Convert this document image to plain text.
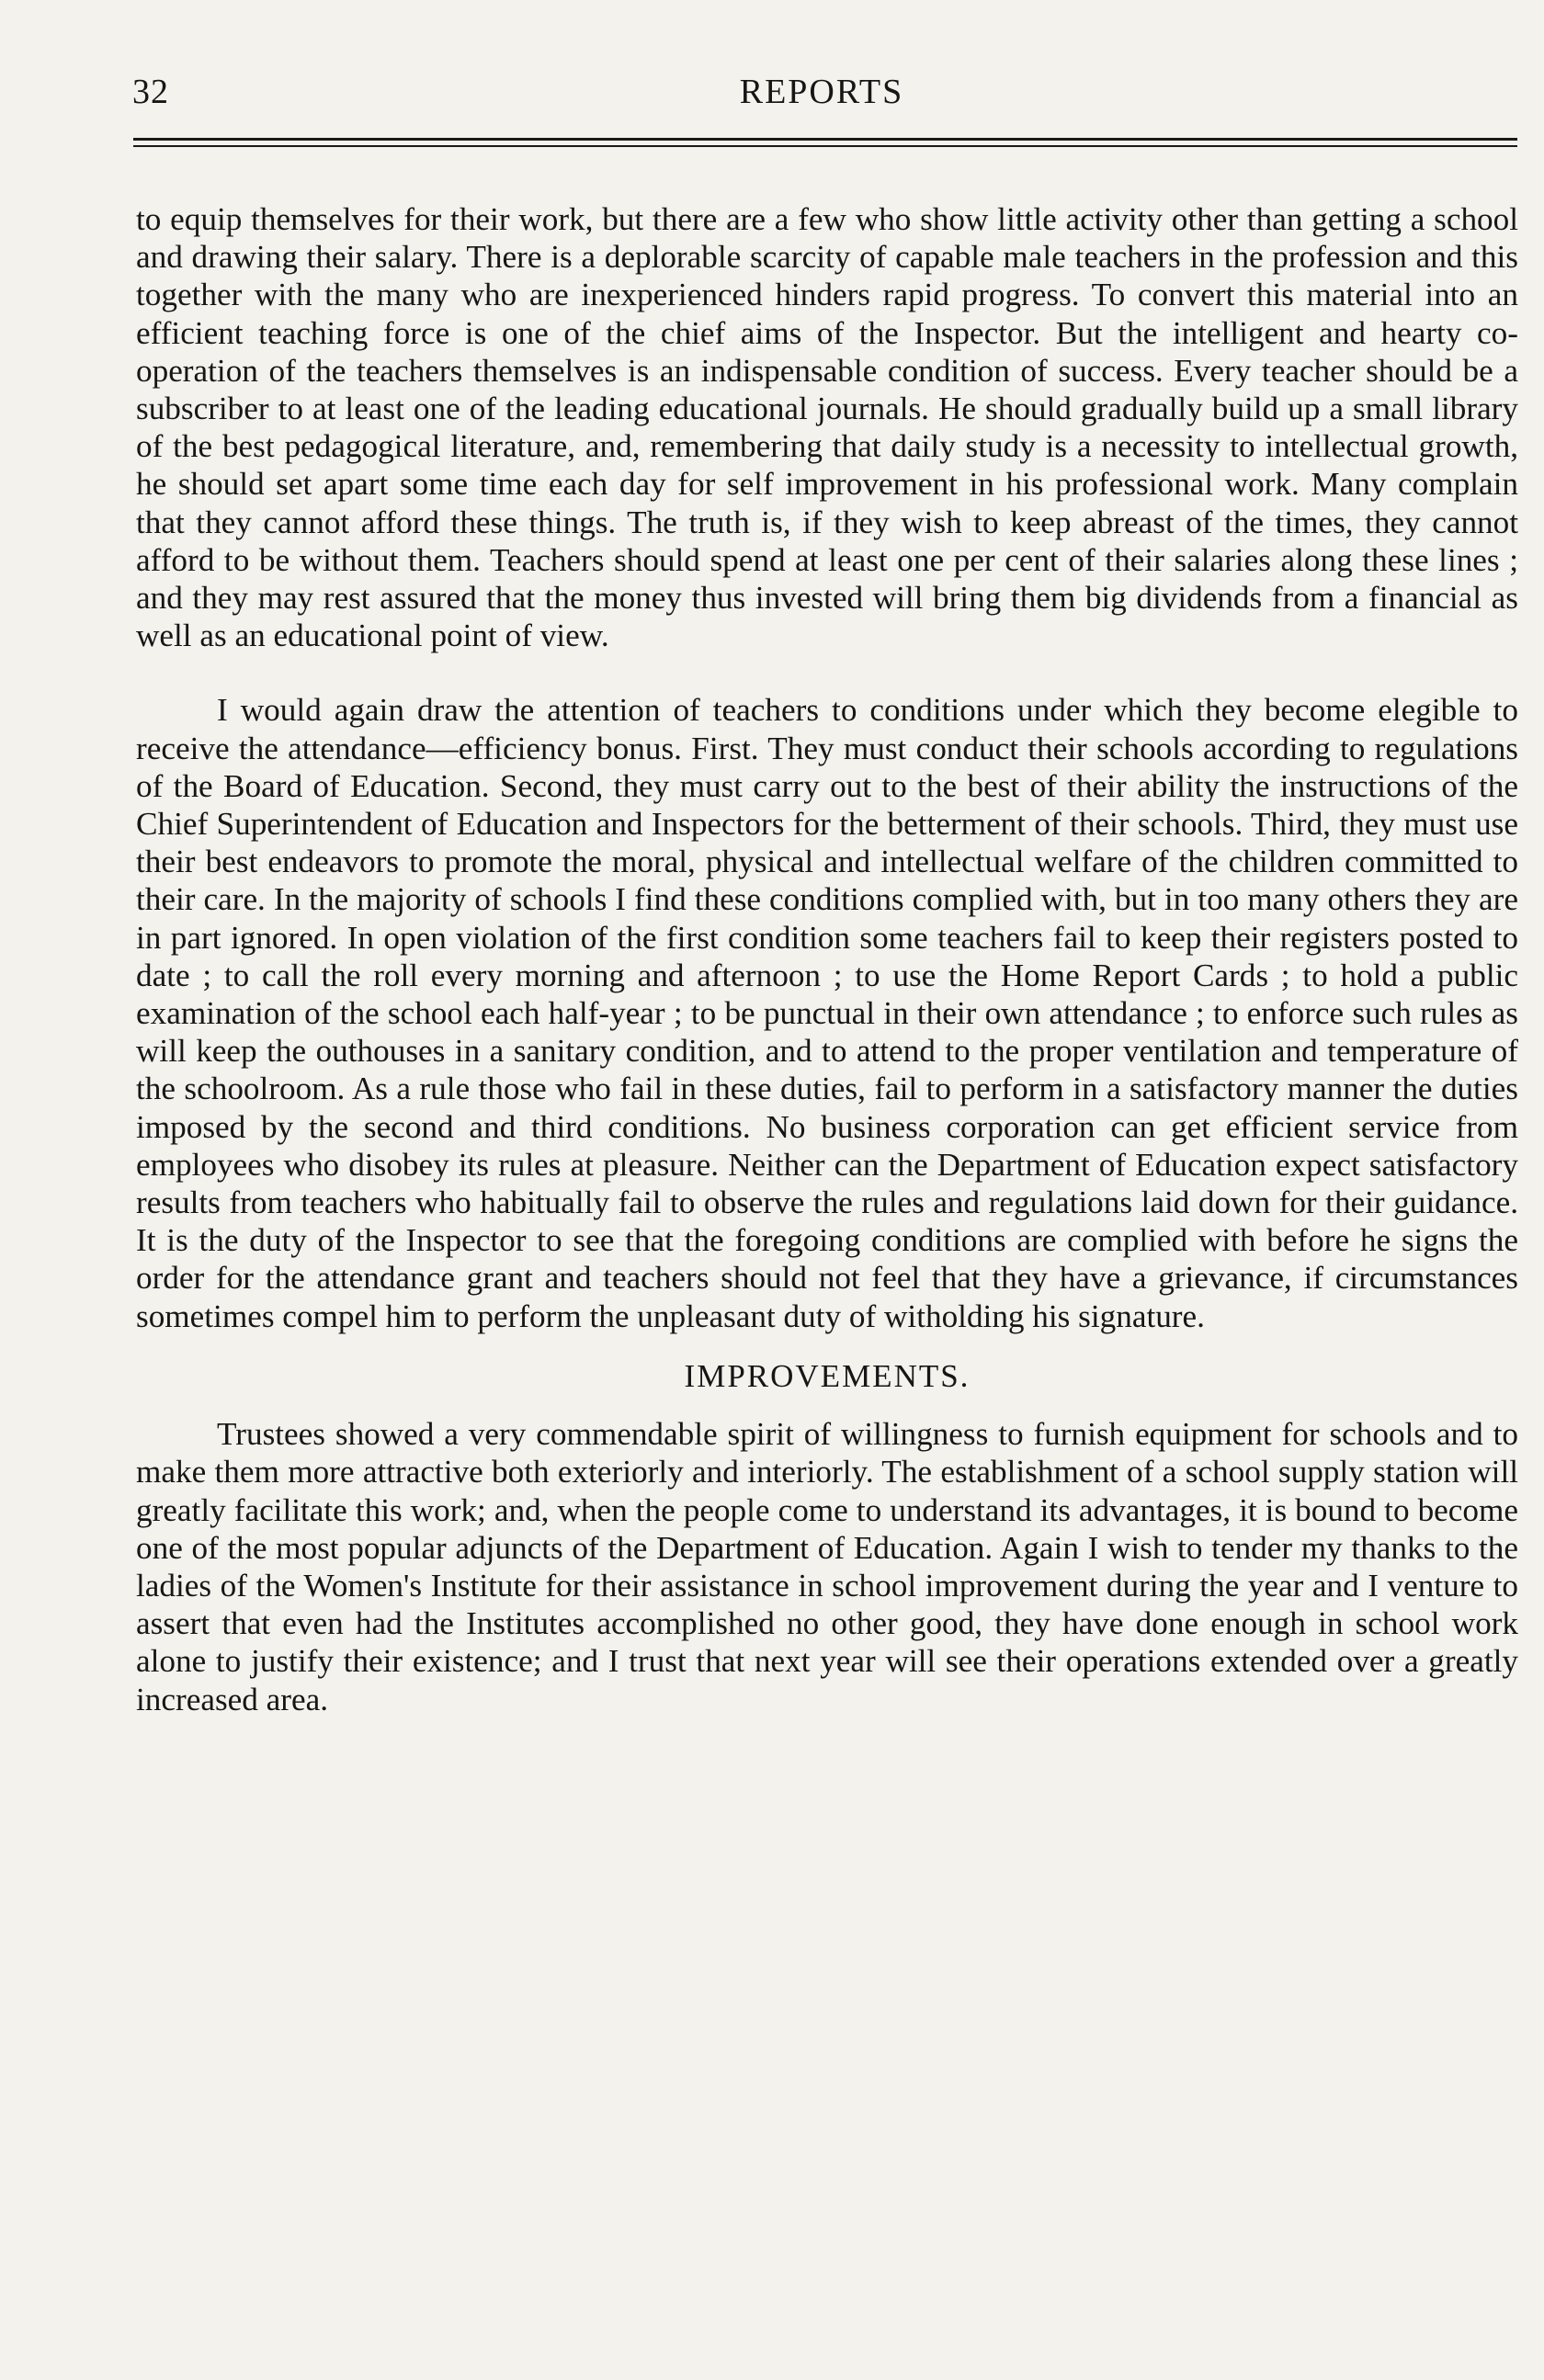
32	REPORTS

to equip themselves for their work, but there are a few who show little activity other than getting a school and drawing their salary. There is a deplorable scarcity of capable male teachers in the profession and this together with the many who are inexperienced hinders rapid progress. To convert this material into an efficient teaching force is one of the chief aims of the Inspector. But the intelligent and hearty co-operation of the teachers themselves is an indispensable condition of success. Every teacher should be a subscriber to at least one of the leading educational journals. He should gradually build up a small library of the best pedagogical literature, and, remembering that daily study is a necessity to intellectual growth, he should set apart some time each day for self improvement in his professional work. Many complain that they cannot afford these things. The truth is, if they wish to keep abreast of the times, they cannot afford to be without them. Teachers should spend at least one per cent of their salaries along these lines ; and they may rest assured that the money thus invested will bring them big dividends from a financial as well as an educational point of view.

I would again draw the attention of teachers to conditions under which they become elegible to receive the attendance—efficiency bonus. First. They must conduct their schools according to regulations of the Board of Education. Second, they must carry out to the best of their ability the instructions of the Chief Superintendent of Education and Inspectors for the betterment of their schools. Third, they must use their best endeavors to promote the moral, physical and intellectual welfare of the children committed to their care. In the majority of schools I find these conditions complied with, but in too many others they are in part ignored. In open violation of the first condition some teachers fail to keep their registers posted to date ; to call the roll every morning and afternoon ; to use the Home Report Cards ; to hold a public examination of the school each half-year ; to be punctual in their own attendance ; to enforce such rules as will keep the outhouses in a sanitary condition, and to attend to the proper ventilation and temperature of the schoolroom. As a rule those who fail in these duties, fail to perform in a satisfactory manner the duties imposed by the second and third conditions. No business corporation can get efficient service from employees who disobey its rules at pleasure. Neither can the Department of Education expect satisfactory results from teachers who habitually fail to observe the rules and regulations laid down for their guidance. It is the duty of the Inspector to see that the foregoing conditions are complied with before he signs the order for the attendance grant and teachers should not feel that they have a grievance, if circumstances sometimes compel him to perform the unpleasant duty of witholding his signature.

IMPROVEMENTS.

Trustees showed a very commendable spirit of willingness to furnish equipment for schools and to make them more attractive both exteriorly and interiorly. The establishment of a school supply station will greatly facilitate this work; and, when the people come to understand its advantages, it is bound to become one of the most popular adjuncts of the Department of Education. Again I wish to tender my thanks to the ladies of the Women's Institute for their assistance in school improvement during the year and I venture to assert that even had the Institutes accomplished no other good, they have done enough in school work alone to justify their existence; and I trust that next year will see their operations extended over a greatly increased area.
